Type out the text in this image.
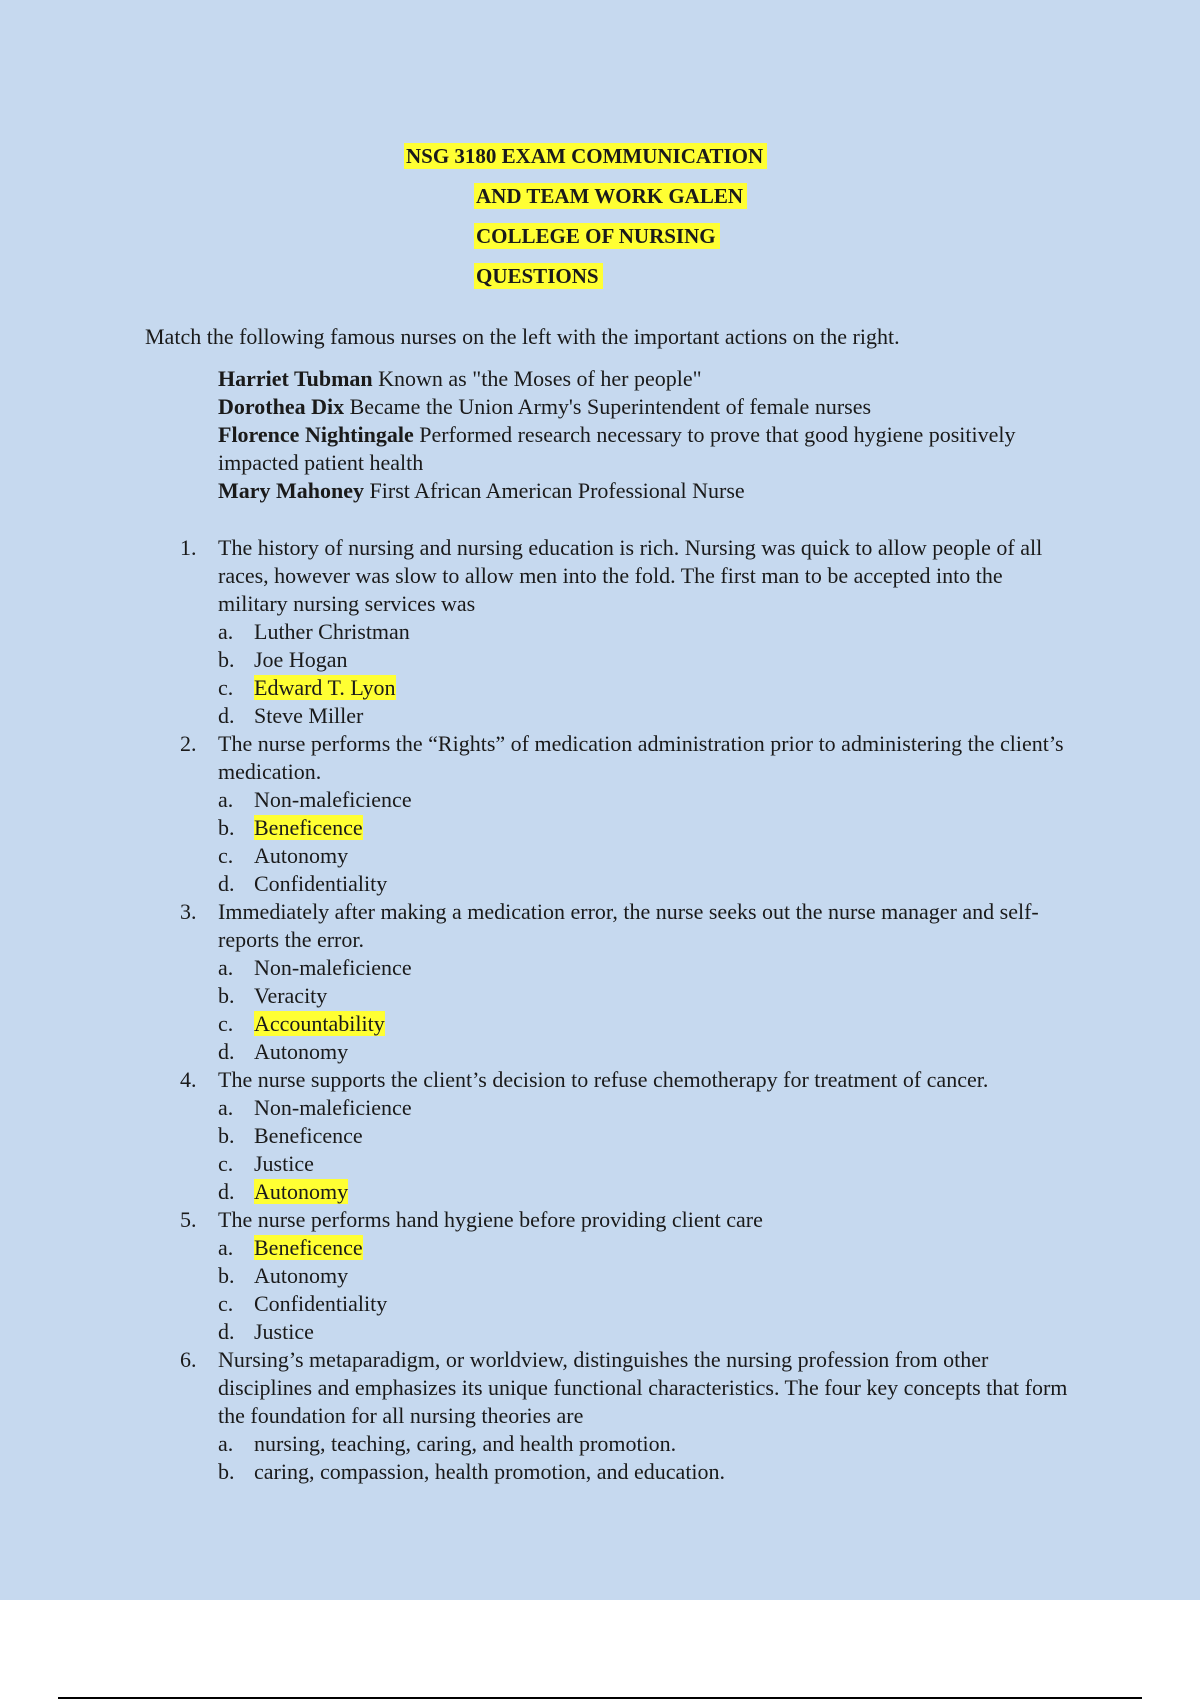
NSG 3180 EXAM COMMUNICATION
AND TEAM WORK GALEN
COLLEGE OF NURSING
QUESTIONS
Match the following famous nurses on the left with the important actions on the right.
Harriet Tubman Known as "the Moses of her people"
Dorothea Dix Became the Union Army's Superintendent of female nurses
Florence Nightingale Performed research necessary to prove that good hygiene positively impacted patient health
Mary Mahoney First African American Professional Nurse
1. The history of nursing and nursing education is rich. Nursing was quick to allow people of all races, however was slow to allow men into the fold. The first man to be accepted into the military nursing services was
a. Luther Christman
b. Joe Hogan
c. Edward T. Lyon
d. Steve Miller
2. The nurse performs the “Rights” of medication administration prior to administering the client’s medication.
a. Non-maleficience
b. Beneficence
c. Autonomy
d. Confidentiality
3. Immediately after making a medication error, the nurse seeks out the nurse manager and self-reports the error.
a. Non-maleficience
b. Veracity
c. Accountability
d. Autonomy
4. The nurse supports the client’s decision to refuse chemotherapy for treatment of cancer.
a. Non-maleficience
b. Beneficence
c. Justice
d. Autonomy
5. The nurse performs hand hygiene before providing client care
a. Beneficence
b. Autonomy
c. Confidentiality
d. Justice
6. Nursing’s metaparadigm, or worldview, distinguishes the nursing profession from other disciplines and emphasizes its unique functional characteristics. The four key concepts that form the foundation for all nursing theories are
a. nursing, teaching, caring, and health promotion.
b. caring, compassion, health promotion, and education.
